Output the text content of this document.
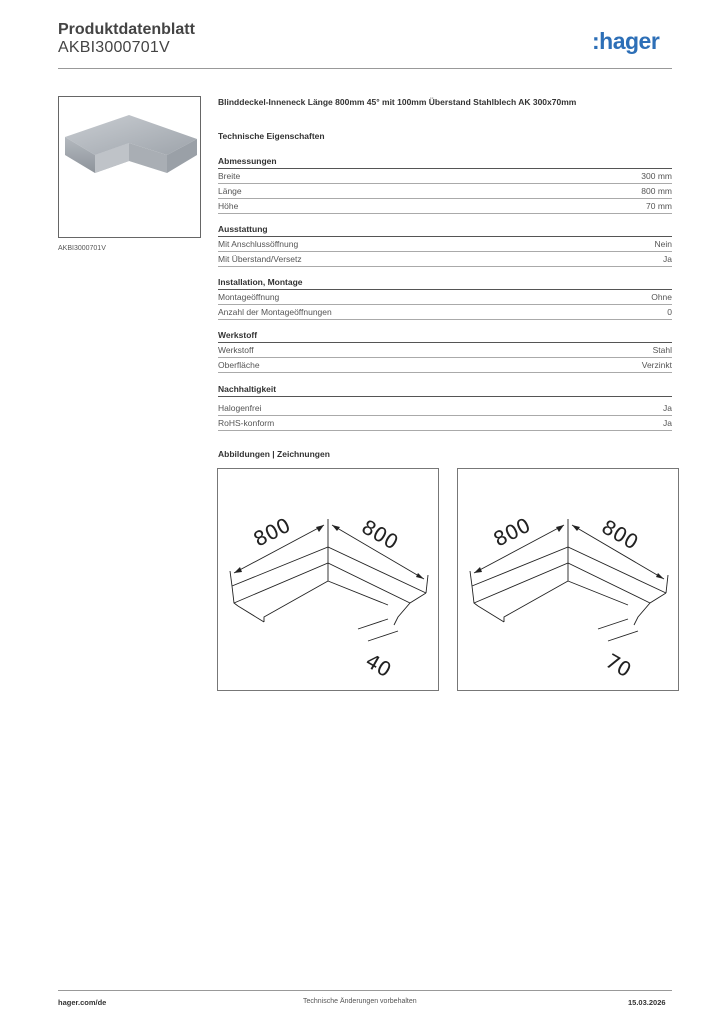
Produktdatenblatt
AKBI3000701V	:hager
AKBI3000701V
Blinddeckel-Inneneck Länge 800mm 45° mit 100mm Überstand Stahlblech AK 300x70mm
Technische Eigenschaften
Abmessungen
Breite	300 mm
Länge	800 mm
Höhe	70 mm
Ausstattung
Mit Anschlussöffnung	Nein
Mit Überstand/Versetz	Ja
Installation, Montage
Montageöffnung	Ohne
Anzahl der Montageöffnungen	0
Werkstoff
Werkstoff	Stahl
Oberfläche	Verzinkt
Nachhaltigkeit
Halogenfrei	Ja
RoHS-konform	Ja
Abbildungen | Zeichnungen
800	800
40
800	800
70
hager.com/de	Technische Änderungen vorbehalten	15.03.2026
